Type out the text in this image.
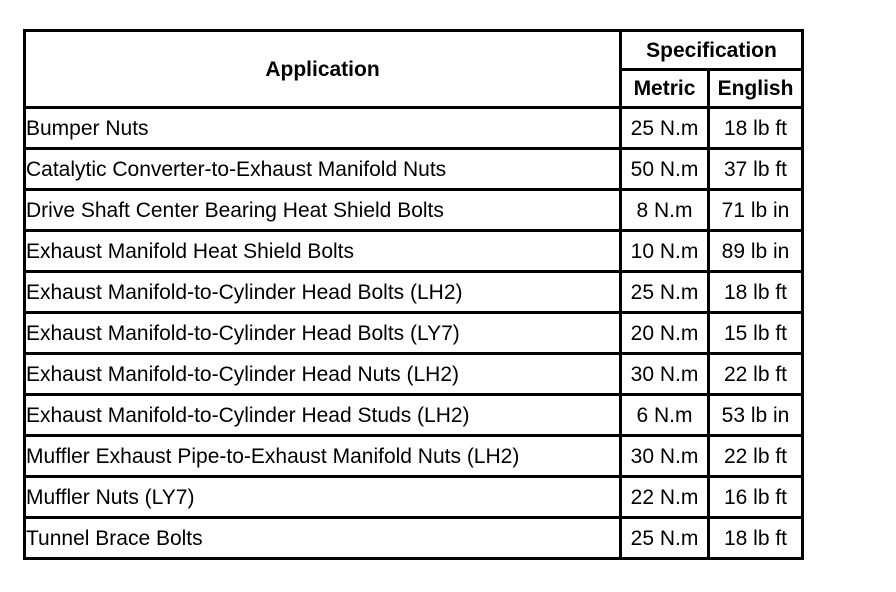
Application	Specification	
	Metric	English
Bumper Nuts	25 N.m	18 lb ft
Catalytic Converter-to-Exhaust Manifold Nuts	50 N.m	37 lb ft
Drive Shaft Center Bearing Heat Shield Bolts	8 N.m	71 lb in
Exhaust Manifold Heat Shield Bolts	10 N.m	89 lb in
Exhaust Manifold-to-Cylinder Head Bolts (LH2)	25 N.m	18 lb ft
Exhaust Manifold-to-Cylinder Head Bolts (LY7)	20 N.m	15 lb ft
Exhaust Manifold-to-Cylinder Head Nuts (LH2)	30 N.m	22 lb ft
Exhaust Manifold-to-Cylinder Head Studs (LH2)	6 N.m	53 lb in
Muffler Exhaust Pipe-to-Exhaust Manifold Nuts (LH2)	30 N.m	22 lb ft
Muffler Nuts (LY7)	22 N.m	16 lb ft
Tunnel Brace Bolts	25 N.m	18 lb ft
